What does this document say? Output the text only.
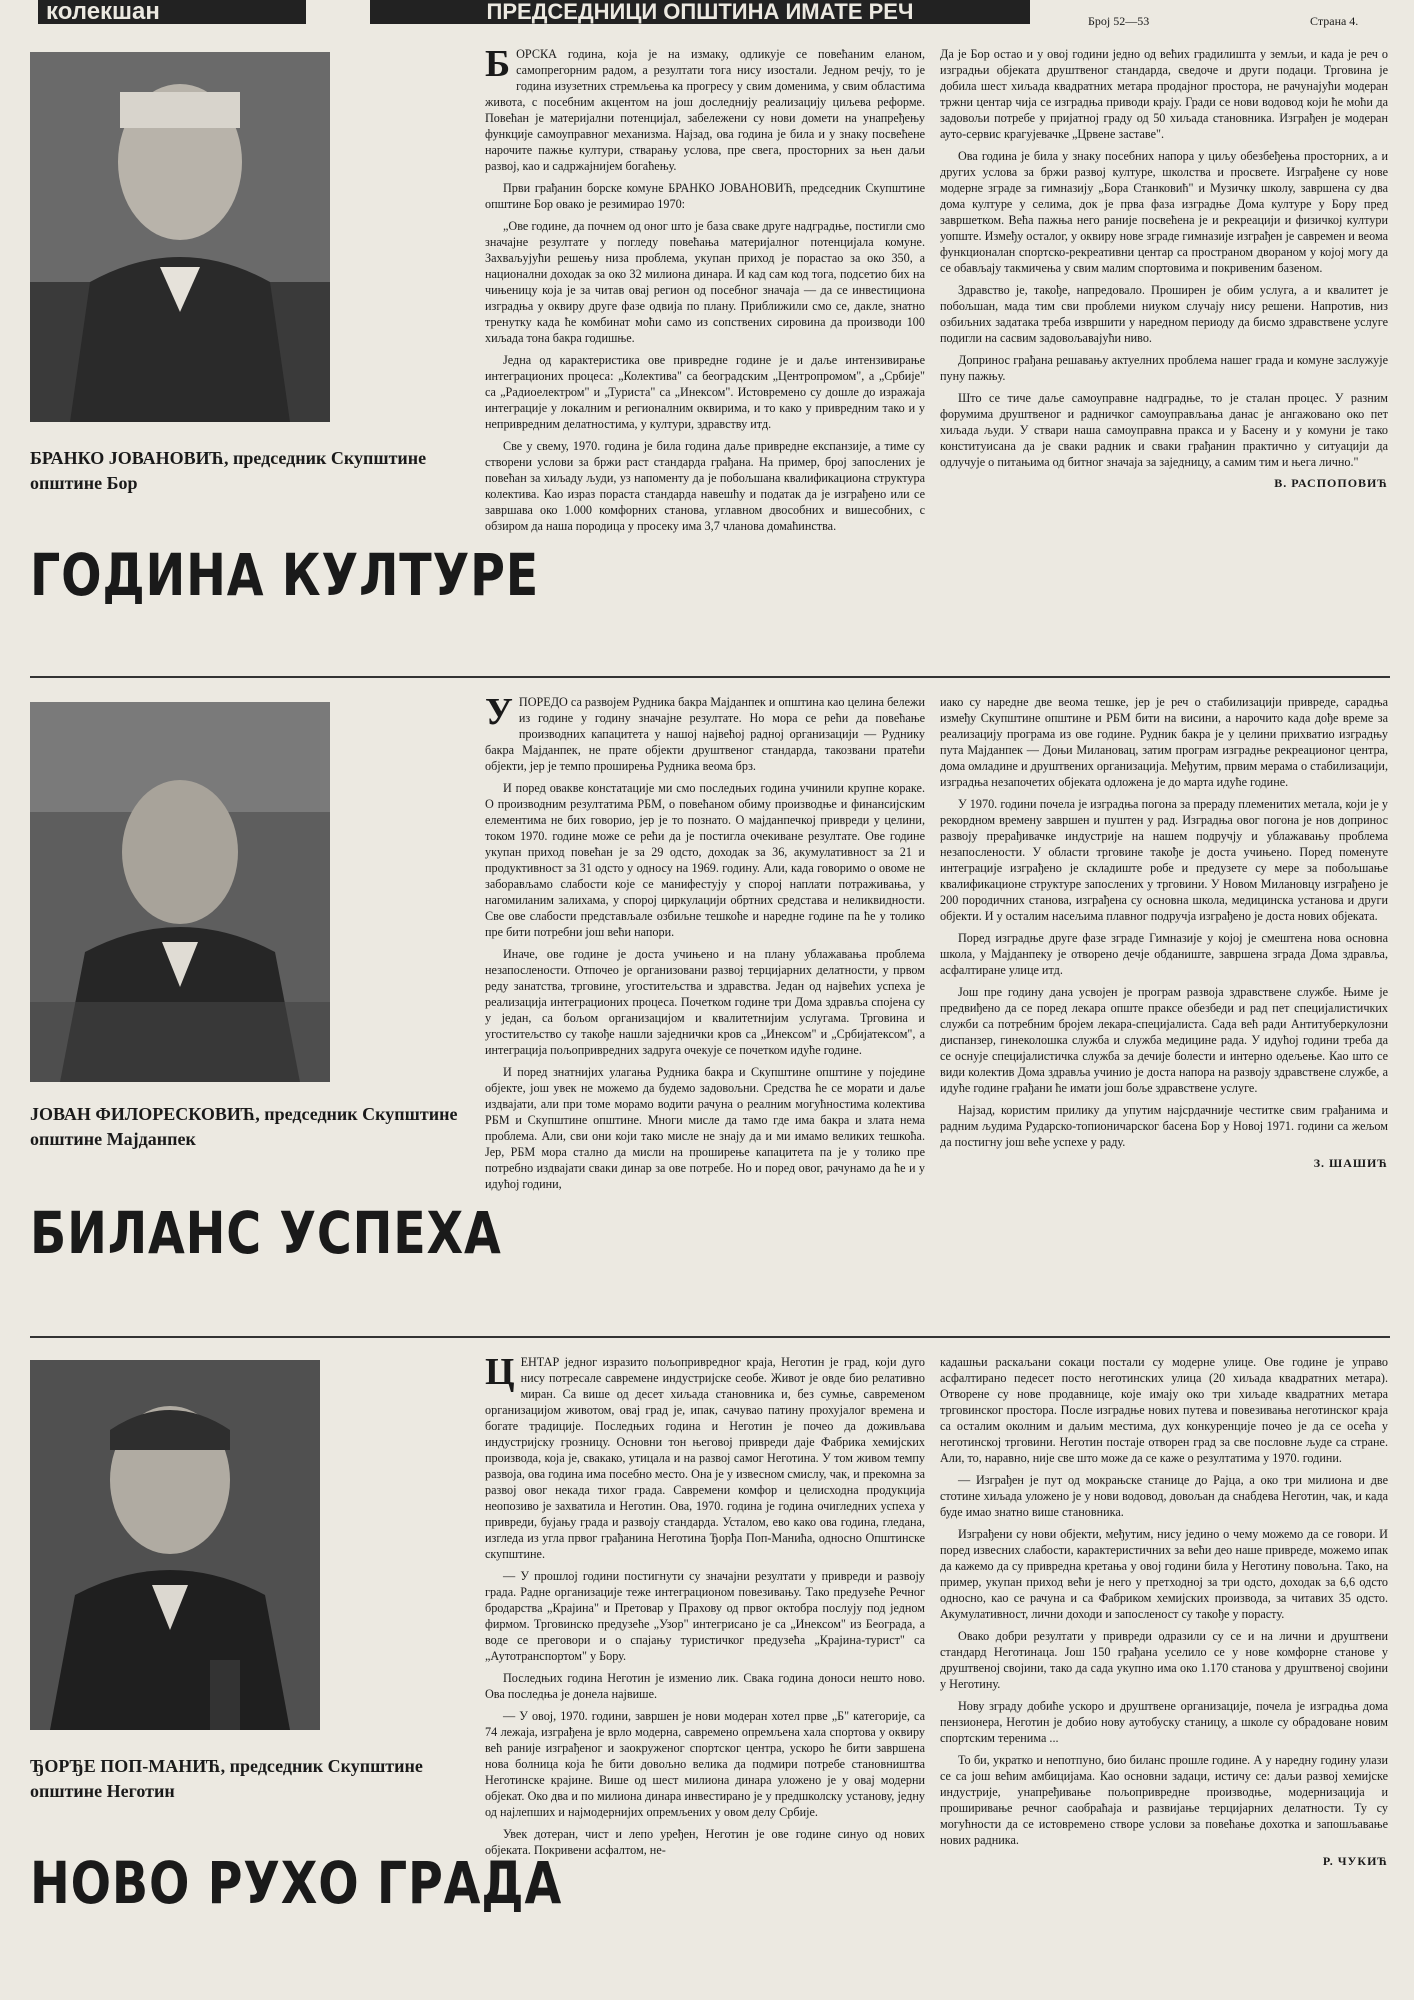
колекшан	ПРЕДСЕДНИЦИ ОПШТИНА ИМАТЕ РЕЧ	Број 52—53	Страна 4.
БРАНКО ЈОВАНОВИЋ, председник Скупштине општине Бор
ГОДИНА КУЛТУРЕ

БОРСКА година, која је на измаку, одликује се повећаним еланом, самопрегорним радом, а резултати тога нису изостали. Једном речју, то је година изузетних стремљења ка прогресу у свим доменима, у свим областима живота, с посебним акцентом на још доследнију реализацију циљева реформе. Повећан је материјални потенцијал, забележени су нови домети на унапређењу функције самоуправног механизма. Најзад, ова година је била и у знаку посвећене нарочите пажње култури, стварању услова, пре свега, просторних за њен даљи развој, као и садржајнијем богаћењу.

Први грађанин борске комуне БРАНКО ЈОВАНОВИЋ, председник Скупштине општине Бор овако је резимирао 1970:

„Ове године, да почнем од оног што је база сваке друге надградње, постигли смо значајне резултате у погледу повећања материјалног потенцијала комуне. Захваљујући решењу низа проблема, укупан приход је порастао за око 350, а национални доходак за око 32 милиона динара. И кад сам код тога, подсетио бих на чињеницу која је за читав овај регион од посебног значаја — да се инвестициона изградња у оквиру друге фазе одвија по плану. Приближили смо се, дакле, знатно тренутку када ће комбинат моћи само из сопствених сировина да производи 100 хиљада тона бакра годишње.

Једна од карактеристика ове привредне године је и даље интензивирање интеграционих процеса: „Колектива" са београдским „Центропромом", а „Србије" са „Радиоелектром" и „Туриста" са „Инексом". Истовремено су дошле до изражаја интеграције у локалним и регионалним оквирима, и то како у привредним тако и у непривредним делатностима, у култури, здравству итд.

Све у свему, 1970. година је била година даље привредне експанзије, а тиме су створени услови за бржи раст стандарда грађана. На пример, број запослених је повећан за хиљаду људи, уз напоменту да је побољшана квалификациона структура колектива. Као израз пораста стандарда навешћу и податак да је изграђено или се завршава око 1.000 комфорних станова, углавном двособних и вишесобних, с обзиром да наша породица у просеку има 3,7 чланова домаћинства.

Да је Бор остао и у овој години једно од већих градилишта у земљи, и када је реч о изградњи објеката друштвеног стандарда, сведоче и други подаци. Трговина је добила шест хиљада квадратних метара продајног простора, не рачунајући модеран тржни центар чија се изградња приводи крају. Гради се нови водовод који ће моћи да задовољи потребе у пријатној граду од 50 хиљада становника. Изграђен је модеран ауто-сервис крагујевачке „Црвене заставе".

Ова година је била у знаку посебних напора у циљу обезбеђења просторних, а и других услова за бржи развој културе, школства и просвете. Изграђене су нове модерне зграде за гимназију „Бора Станковић" и Музичку школу, завршена су два дома културе у селима, док је прва фаза изградње Дома културе у Бору пред завршетком. Већа пажња него раније посвећена је и рекреацији и физичкој култури уопште. Између осталог, у оквиру нове зграде гимназије изграђен је савремен и веома функционалан спортско-рекреативни центар са пространом двораном у којој могу да се обављају такмичења у свим малим спортовима и покривеним базеном.

Здравство је, такође, напредовало. Проширен је обим услуга, а и квалитет је побољшан, мада тим сви проблеми ниуком случају нису решени. Напротив, низ озбиљних задатака треба извршити у наредном периоду да бисмо здравствене услуге подигли на сасвим задовољавајући ниво.

Допринос грађана решавању актуелних проблема нашег града и комуне заслужује пуну пажњу.

Што се тиче даље самоуправне надградње, то је сталан процес. У разним форумима друштвеног и радничког самоуправљања данас је ангажовано око пет хиљада људи. У ствари наша самоуправна пракса и у Басену и у комуни је тако конституисана да је сваки радник и сваки грађанин практично у ситуацији да одлучује о питањима од битног значаја за заједницу, а самим тим и њега лично."

В. РАСПОПОВИЋ
ЈОВАН ФИЛОРЕСКОВИЋ, председник Скупштине општине Мајданпек
БИЛАНС УСПЕХА

УПОРЕДО са развојем Рудника бакра Мајданпек и општина као целина бележи из године у годину значајне резултате. Но мора се рећи да повећање производних капацитета у нашој највећој радној организацији — Руднику бакра Мајданпек, не прате објекти друштвеног стандарда, такозвани пратећи објекти, јер је темпо проширења Рудника веома брз.

И поред овакве констатације ми смо последњих година учинили крупне кораке. О производним резултатима РБМ, о повећаном обиму производње и финансијским елементима не бих говорио, јер је то познато. О мајданпечкој привреди у целини, током 1970. године може се рећи да је постигла очекиване резултате. Ове године укупан приход повећан је за 29 одсто, доходак за 36, акумулативност за 21 и продуктивност за 31 одсто у односу на 1969. годину. Али, када говоримо о овоме не заборављамо слабости које се манифестују у спорој наплати потраживања, у нагомиланим залихама, у спорој циркулацији обртних средстава и неликвидности. Све ове слабости представљале озбиљне тешкоће и наредне године па ће у толико пре бити потребни још већи напори.

Иначе, ове године је доста учињено и на плану ублажавања проблема незапослености. Отпочео је организовани развој терцијарних делатности, у првом реду занатства, трговине, угоститељства и здравства. Један од највећих успеха је реализација интеграционих процеса. Почетком године три Дома здравља спојена су у један, са бољом организацијом и квалитетнијим услугама. Трговина и угоститељство су такође нашли заједнички кров са „Инексом" и „Србијатексом", а интеграција пољопривредних задруга очекује се почетком идуће године.

И поред знатнијих улагања Рудника бакра и Скупштине општине у поједине објекте, још увек не можемо да будемо задовољни. Средства ће се морати и даље издвајати, али при томе морамо водити рачуна о реалним могућностима колектива РБМ и Скупштине општине. Многи мисле да тамо где има бакра и злата нема проблема. Али, сви они који тако мисле не знају да и ми имамо великих тешкоћа. Јер, РБМ мора стално да мисли на проширење капацитета па је у толико пре потребно издвајати сваки динар за ове потребе. Но и поред овог, рачунамо да ће и у идућој години,

иако су наредне две веома тешке, јер је реч о стабилизацији привреде, сарадња између Скупштине општине и РБМ бити на висини, а нарочито када дође време за реализацију програма из ове године. Рудник бакра је у целини прихватио изградњу пута Мајданпек — Доњи Милановац, затим програм изградње рекреационог центра, дома омладине и друштвених организација. Међутим, првим мерама о стабилизацији, изградња незапочетих објеката одложена је до марта идуће године.

У 1970. години почела је изградња погона за прераду племенитих метала, који је у рекордном времену завршен и пуштен у рад. Изградња овог погона је нов допринос развоју прерађивачке индустрије на нашем подручју и ублажавању проблема незапослености. У области трговине такође је доста учињено. Поред поменуте интеграције изграђено је складиште робе и предузете су мере за побољшање квалификационе структуре запослених у трговини. У Новом Милановцу изграђено је 200 породичних станова, изграђена су основна школа, медицинска установа и други објекти. И у осталим насељима плавног подручја изграђено је доста нових објеката.

Поред изградње друге фазе зграде Гимназије у којој је смештена нова основна школа, у Мајданпеку је отворено дечје обданиште, завршена зграда Дома здравља, асфалтиране улице итд.

Још пре годину дана усвојен је програм развоја здравствене службе. Њиме је предвиђено да се поред лекара опште праксе обезбеди и рад пет специјалистичких служби са потребним бројем лекара-специјалиста. Сада већ ради Антитуберкулозни диспанзер, гинеколошка служба и служба медицине рада. У идућој години треба да се оснује специјалистичка служба за дечије болести и интерно одељење. Као што се види колектив Дома здравља учинио је доста напора на развоју здравствене службе, а идуће године грађани ће имати још боље здравствене услуге.

Најзад, користим прилику да упутим најсрдачније честитке свим грађанима и радним људима Рударско-топионичарског басена Бор у Новој 1971. години са жељом да постигну још веће успехе у раду.

З. ШАШИЋ
ЂОРЂЕ ПОП-МАНИЋ, председник Скупштине општине Неготин
НОВО РУХО ГРАДА

ЦЕНТАР једног изразито пољопривредног краја, Неготин је град, који дуго нису потресале савремене индустријске сеобе. Живот је овде био релативно миран. Са више од десет хиљада становника и, без сумње, савременом организацијом животом, овај град је, ипак, сачувао патину прохујалог времена и богате традиције. Последњих година и Неготин је почео да доживљава индустријску грозницу. Основни тон његовој привреди даје Фабрика хемијских производа, која је, свакако, утицала и на развој самог Неготина. У том живом темпу развоја, ова година има посебно место. Она је у извесном смислу, чак, и прекомна за развој овог некада тихог града. Савремени комфор и целисходна продукција неопозиво је захватила и Неготин. Ова, 1970. година је година очигледних успеха у привреди, бујању града и развоју стандарда. Усталом, ево како ова година, гледана, изгледа из угла првог грађанина Неготина Ђорђа Поп-Манића, односно Општинске скупштине.

— У прошлој години постигнути су значајни резултати у привреди и развоју града. Радне организације теже интеграционом повезивању. Тако предузеће Речног бродарства „Крајина" и Претовар у Прахову од првог октобра послују под једном фирмом. Трговинско предузеће „Узор" интегрисано је са „Инексом" из Београда, а воде се преговори и о спајању туристичког предузећа „Крајина-турист" са „Аутотранспортом" у Бору.

Последњих година Неготин је изменио лик. Свака година доноси нешто ново. Ова последња је донела највише.

— У овој, 1970. години, завршен је нови модеран хотел прве „Б" категорије, са 74 лежаја, изграђена је врло модерна, савремено опремљена хала спортова у оквиру већ раније изграђеног и заокруженог спортског центра, ускоро ће бити завршена нова болница која ће бити довољно велика да подмири потребе становништва Неготинске крајине. Више од шест милиона динара уложено је у овај модерни објекат. Око два и по милиона динара инвестирано је у предшколску установу, једну од најлепших и најмодернијих опремљених у овом делу Србије.

Увек дотеран, чист и лепо уређен, Неготин је ове године синуо од нових објеката. Покривени асфалтом, не-

кадашњи раскаљани сокаци постали су модерне улице. Ове године је управо асфалтирано педесет посто неготинских улица (20 хиљада квадратних метара). Отворене су нове продавнице, које имају око три хиљаде квадратних метара трговинског простора. После изградње нових путева и повезивања неготинског краја са осталим околним и даљим местима, дух конкуренције почео је да се осећа у неготинској трговини. Неготин постаје отворен град за све пословне људе са стране. Али, то, наравно, није све што може да се каже о резултатима у 1970. години.

— Изграђен је пут од мокрањске станице до Рајца, а око три милиона и две стотине хиљада уложено је у нови водовод, довољан да снабдева Неготин, чак, и када буде имао знатно више становника.

Изграђени су нови објекти, међутим, нису једино о чему можемо да се говори. И поред извесних слабости, карактеристичних за већи део наше привреде, можемо ипак да кажемо да су привредна кретања у овој години била у Неготину повољна. Тако, на пример, укупан приход већи је него у претходној за три одсто, доходак за 6,6 одсто односно, као се рачуна и са Фабриком хемијских производа, за читавих 35 одсто. Акумулативност, лични доходи и запосленост су такође у порасту.

Овако добри резултати у привреди одразили су се и на лични и друштвени стандард Неготинаца. Још 150 грађана уселило се у нове комфорне станове у друштвеној својини, тако да сада укупно има око 1.170 станова у друштвеној својини у Неготину.

Нову зграду добиће ускоро и друштвене организације, почела је изградња дома пензионера, Неготин је добио нову аутобуску станицу, а школе су обрадоване новим спортским теренима ...

То би, укратко и непотпуно, био биланс прошле године. А у наредну годину улази се са још већим амбицијама. Као основни задаци, истичу се: даљи развој хемијске индустрије, унапређивање пољопривредне производње, модернизација и проширивање речног саобраћаја и развијање терцијарних делатности. Ту су могућности да се истовремено створе услови за повећање дохотка и запошљавање нових радника.

Р. ЧУКИЋ
